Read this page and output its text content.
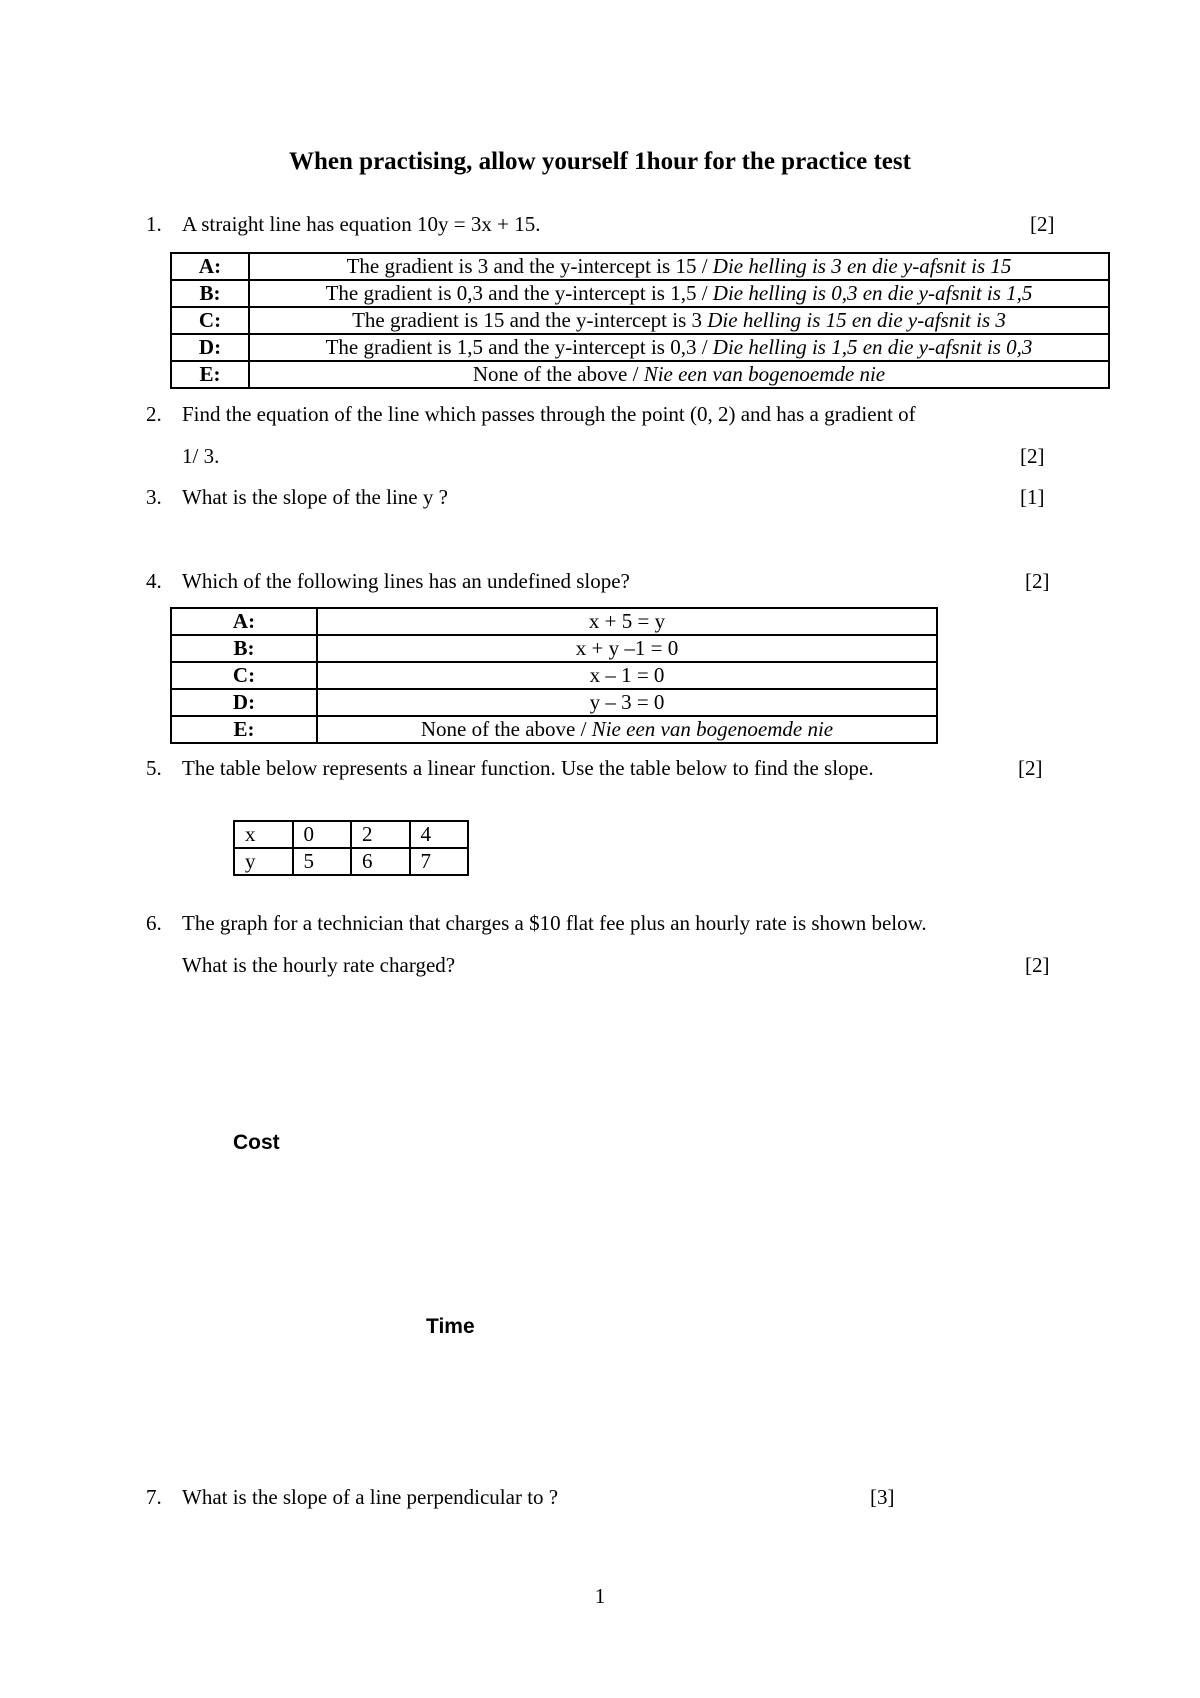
When practising, allow yourself 1hour for the practice test
1. A straight line has equation 10y = 3x + 15.	[2]
A:	The gradient is 3 and the y-intercept is 15 / Die helling is 3 en die y-afsnit is 15
B:	The gradient is 0,3 and the y-intercept is 1,5 / Die helling is 0,3 en die y-afsnit is 1,5
C:	The gradient is 15 and the y-intercept is 3 Die helling is 15 en die y-afsnit is 3
D:	The gradient is 1,5 and the y-intercept is 0,3 / Die helling is 1,5 en die y-afsnit is 0,3
E:	None of the above / Nie een van bogenoemde nie
2. Find the equation of the line which passes through the point (0, 2) and has a gradient of
1/ 3.	[2]
3. What is the slope of the line y ?	[1]
4. Which of the following lines has an undefined slope?	[2]
A:	x + 5 = y
B:	x + y –1 = 0
C:	x – 1 = 0
D:	y – 3 = 0
E:	None of the above / Nie een van bogenoemde nie
5. The table below represents a linear function. Use the table below to find the slope.	[2]
x	0	2	4
y	5	6	7
6. The graph for a technician that charges a $10 flat fee plus an hourly rate is shown below.
What is the hourly rate charged?	[2]
Cost
Time
7. What is the slope of a line perpendicular to ?	[3]
1
